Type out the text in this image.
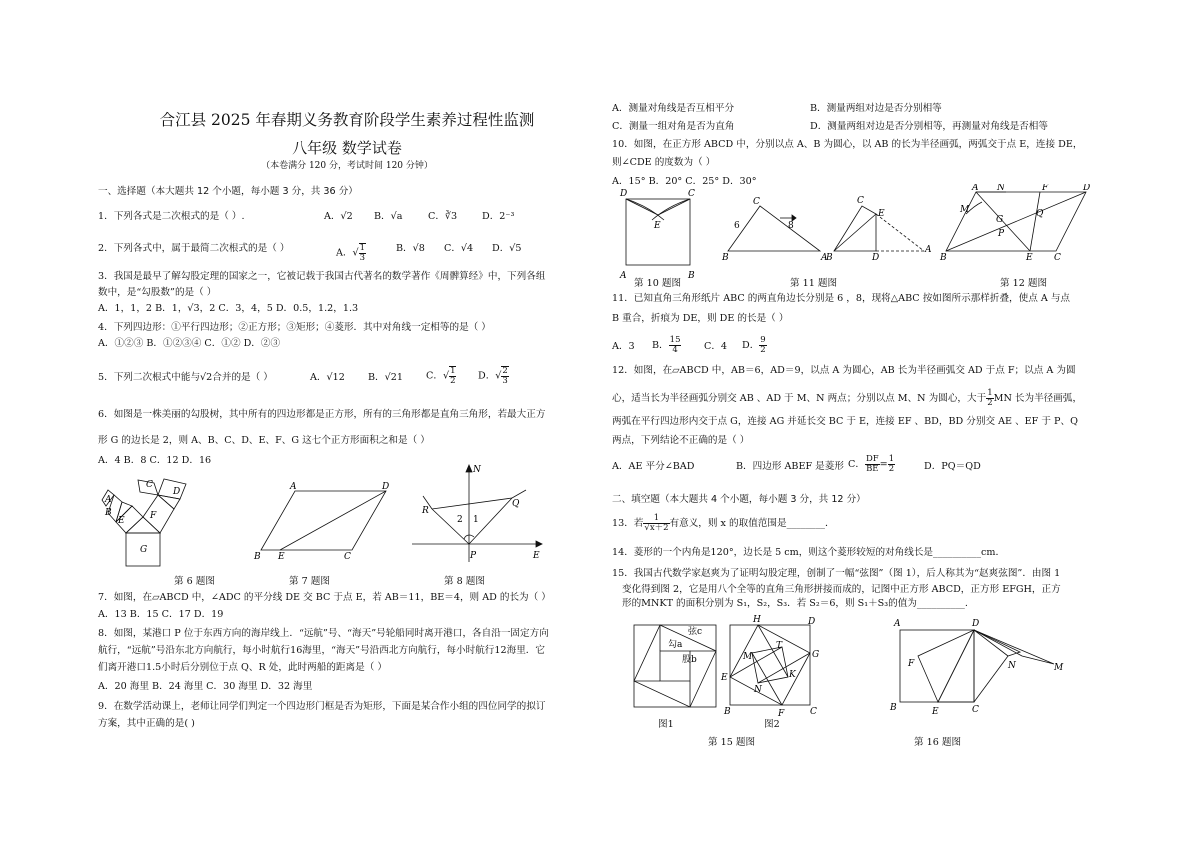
合江县 2025 年春期义务教育阶段学生素养过程性监测
八年级 数学试卷
（本卷满分 120 分，考试时间 120 分钟）
一、选择题（本大题共 12 个小题，每小题 3 分，共 36 分）
1．下列各式是二次根式的是（ ）.	A．√2 B．√a	C．∛3	D．2⁻³
2．下列各式中，属于最简二次根式的是（ ）	A．√ $\frac{1}{3}$	B．√8 C．√4 D．√5
3．我国是最早了解勾股定理的国家之一，它被记载于我国古代著名的数学著作《周髀算经》中，下列各组
数中，是“勾股数”的是（ ）
A．1，1，2 B．1，√3，2 C．3，4，5 D．0.5，1.2，1.3
4．下列四边形：①平行四边形；②正方形；③矩形；④菱形．其中对角线一定相等的是（ ）
A．①②③ B．①②③④ C．①② D．②③
5．下列二次根式中能与√2合并的是（ ）	A．√12 B．√21 C．√ $\frac{1}{2}$ D．√ $\frac{2}{3}$
6．如图是一株美丽的勾股树，其中所有的四边形都是正方形，所有的三角形都是直角三角形，若最大正方
形 G 的边长是 2，则 A、B、C、D、E、F、G 这七个正方形面积之和是（ ）
A．4 B．8 C．12 D．16
G
F
E
C
D
B
A
A	D
B E	C
N
R
Q
P	E
2 1
第 6 题图	第 7 题图	第 8 题图
7．如图，在▱ABCD 中，∠ADC 的平分线 DE 交 BC 于点 E，若 AB＝11，BE＝4，则 AD 的长为（ ）
A．13 B．15 C．17 D．19
8．如图，某港口 P 位于东西方向的海岸线上．“远航”号、“海天”号轮船同时离开港口，各自沿一固定方向
航行，“远航”号沿东北方向航行，每小时航行16海里，“海天”号沿西北方向航行，每小时航行12海里．它
们离开港口1.5小时后分别位于点 Q、R 处，此时两船的距离是（ ）
A．20 海里 B．24 海里 C．30 海里 D．32 海里
9．在数学活动课上，老师让同学们判定一个四边形门框是否为矩形，下面是某合作小组的四位同学的拟订
方案，其中正确的是( )
A．测量对角线是否互相平分	B．测量两组对边是否分别相等
C．测量一组对角是否为直角	D．测量两组对边是否分别相等，再测量对角线是否相等
10．如图，在正方形 ABCD 中，分别以点 A、B 为圆心，以 AB 的长为半径画弧，两弧交于点 E，连接 DE，
则∠CDE 的度数为（ ）
A．15° B．20° C．25° D．30°
D	C
E
A	B
C
6	8
B	A
C
E
B	D
A
A N	F	D
M
G
Q
P
B	E C
第 10 题图	第 11 题图	第 12 题图
11．已知直角三角形纸片 ABC 的两直角边长分别是 6 ，8，现将△ABC 按如图所示那样折叠，使点 A 与点
B 重合，折痕为 DE，则 DE 的长是（ ）
A．3 B． $\frac{15}{4}$ C．4 D． $\frac{9}{2}$
12．如图，在▱ABCD 中，AB＝6，AD＝9，以点 A 为圆心，AB 长为半径画弧交 AD 于点 F；以点 A 为圆
心，适当长为半径画弧分别交 AB 、AD 于 M、N 两点；分别以点 M、N 为圆心，大于 $\frac{1}{2}$ MN 长为半径画弧，
两弧在平行四边形内交于点 G，连接 AG 并延长交 BC 于 E，连接 EF 、BD，BD 分别交 AE 、EF 于 P、Q
两点，下列结论不正确的是（ ）
A．AE 平分∠BAD	B．四边形 ABEF 是菱形 C． $\frac{DF}{BE} = \frac{1}{2}$	D．PQ＝QD
二、填空题（本大题共 4 个小题，每小题 3 分，共 12 分）
13．若 $\frac{1}{√x+2}$ 有意义，则 x 的取值范围是________．
14．菱形的一个内角是120°，边长是 5 cm，则这个菱形较短的对角线长是__________cm．
15．我国古代数学家赵爽为了证明勾股定理，创制了一幅“弦图”（图 1），后人称其为“赵爽弦图”．由图 1
变化得到图 2，它是用八个全等的直角三角形拼接而成的，记图中正方形 ABCD，正方形 EFGH，正方
形的MNKT 的面积分别为 S₁，S₂，S₃．若 S₂＝6，则 S₁＋S₃的值为__________.
勾a
弦c
股b
H	D
G
C
F
B
E
M
T
K
N
A	D
F	N	M
B	E	C
图1	图2
第 15 题图	第 16 题图
